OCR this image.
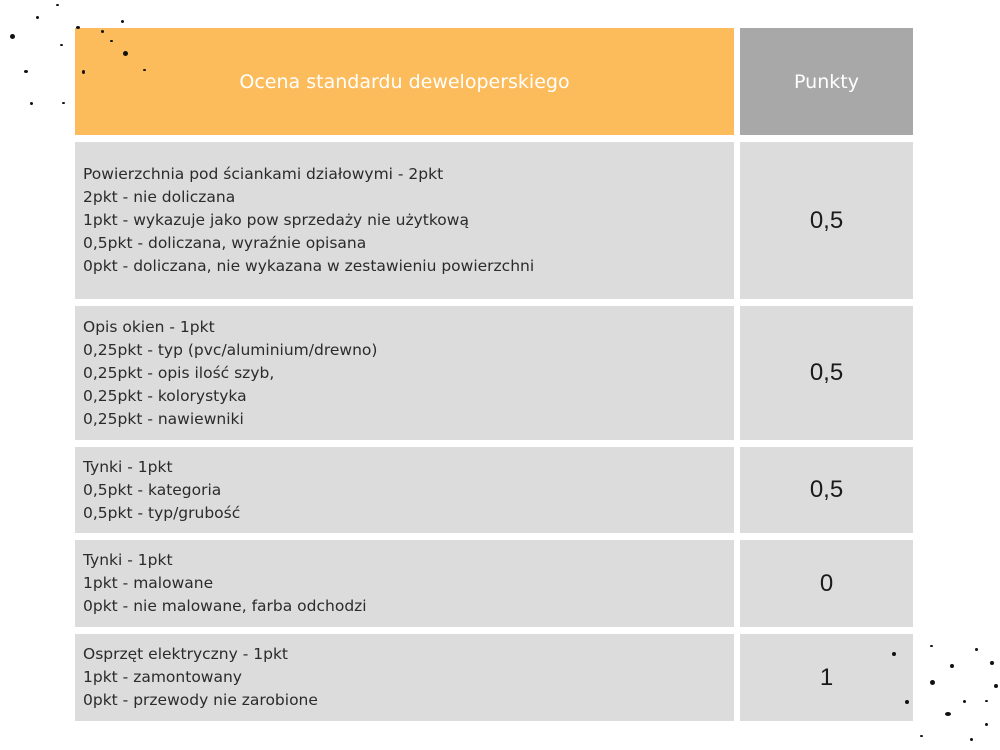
Ocena standardu deweloperskiego	Punkty
Powierzchnia pod ściankami działowymi - 2pkt
2pkt - nie doliczana
1pkt - wykazuje jako pow sprzedaży nie użytkową
0,5pkt - doliczana, wyraźnie opisana
0pkt - doliczana, nie wykazana w zestawieniu powierzchni
0,5
Opis okien - 1pkt
0,25pkt - typ (pvc/aluminium/drewno)
0,25pkt - opis ilość szyb,
0,25pkt - kolorystyka
0,25pkt - nawiewniki
0,5
Tynki - 1pkt
0,5pkt - kategoria
0,5pkt - typ/grubość
0,5
Tynki - 1pkt
1pkt - malowane
0pkt - nie malowane, farba odchodzi
0
Osprzęt elektryczny - 1pkt
1pkt - zamontowany
0pkt - przewody nie zarobione
1
